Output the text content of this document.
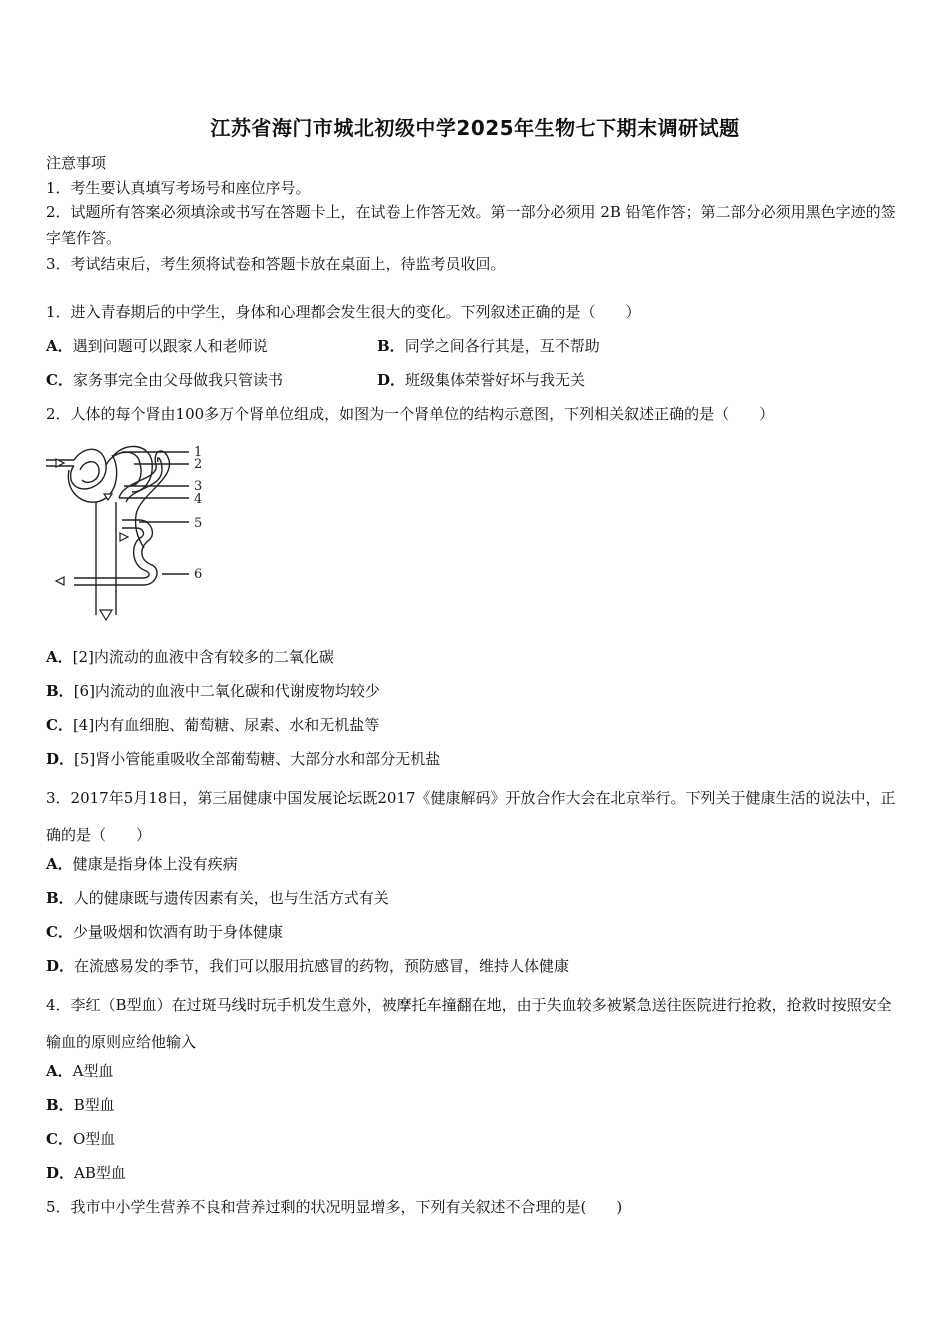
江苏省海门市城北初级中学2025年生物七下期末调研试题
注意事项
1．考生要认真填写考场号和座位序号。
2．试题所有答案必须填涂或书写在答题卡上，在试卷上作答无效。第一部分必须用 2B 铅笔作答；第二部分必须用黑色字迹的签字笔作答。
3．考试结束后，考生须将试卷和答题卡放在桌面上，待监考员收回。
1．进入青春期后的中学生，身体和心理都会发生很大的变化。下列叙述正确的是（　　）
A．遇到问题可以跟家人和老师说	B．同学之间各行其是，互不帮助
C．家务事完全由父母做我只管读书	D．班级集体荣誉好坏与我无关
2．人体的每个肾由100多万个肾单位组成，如图为一个肾单位的结构示意图，下列相关叙述正确的是（　　）
1
2
3
4
5
6
A．[2]内流动的血液中含有较多的二氧化碳
B．[6]内流动的血液中二氧化碳和代谢废物均较少
C．[4]内有血细胞、葡萄糖、尿素、水和无机盐等
D．[5]肾小管能重吸收全部葡萄糖、大部分水和部分无机盐
3．2017年5月18日，第三届健康中国发展论坛既2017《健康解码》开放合作大会在北京举行。下列关于健康生活的说法中，正确的是（　　）
A．健康是指身体上没有疾病
B．人的健康既与遗传因素有关，也与生活方式有关
C．少量吸烟和饮酒有助于身体健康
D．在流感易发的季节，我们可以服用抗感冒的药物，预防感冒，维持人体健康
4．李红（B型血）在过斑马线时玩手机发生意外，被摩托车撞翻在地，由于失血较多被紧急送往医院进行抢救，抢救时按照安全输血的原则应给他输入
A．A型血
B．B型血
C．O型血
D．AB型血
5．我市中小学生营养不良和营养过剩的状况明显增多，下列有关叙述不合理的是(　　)
